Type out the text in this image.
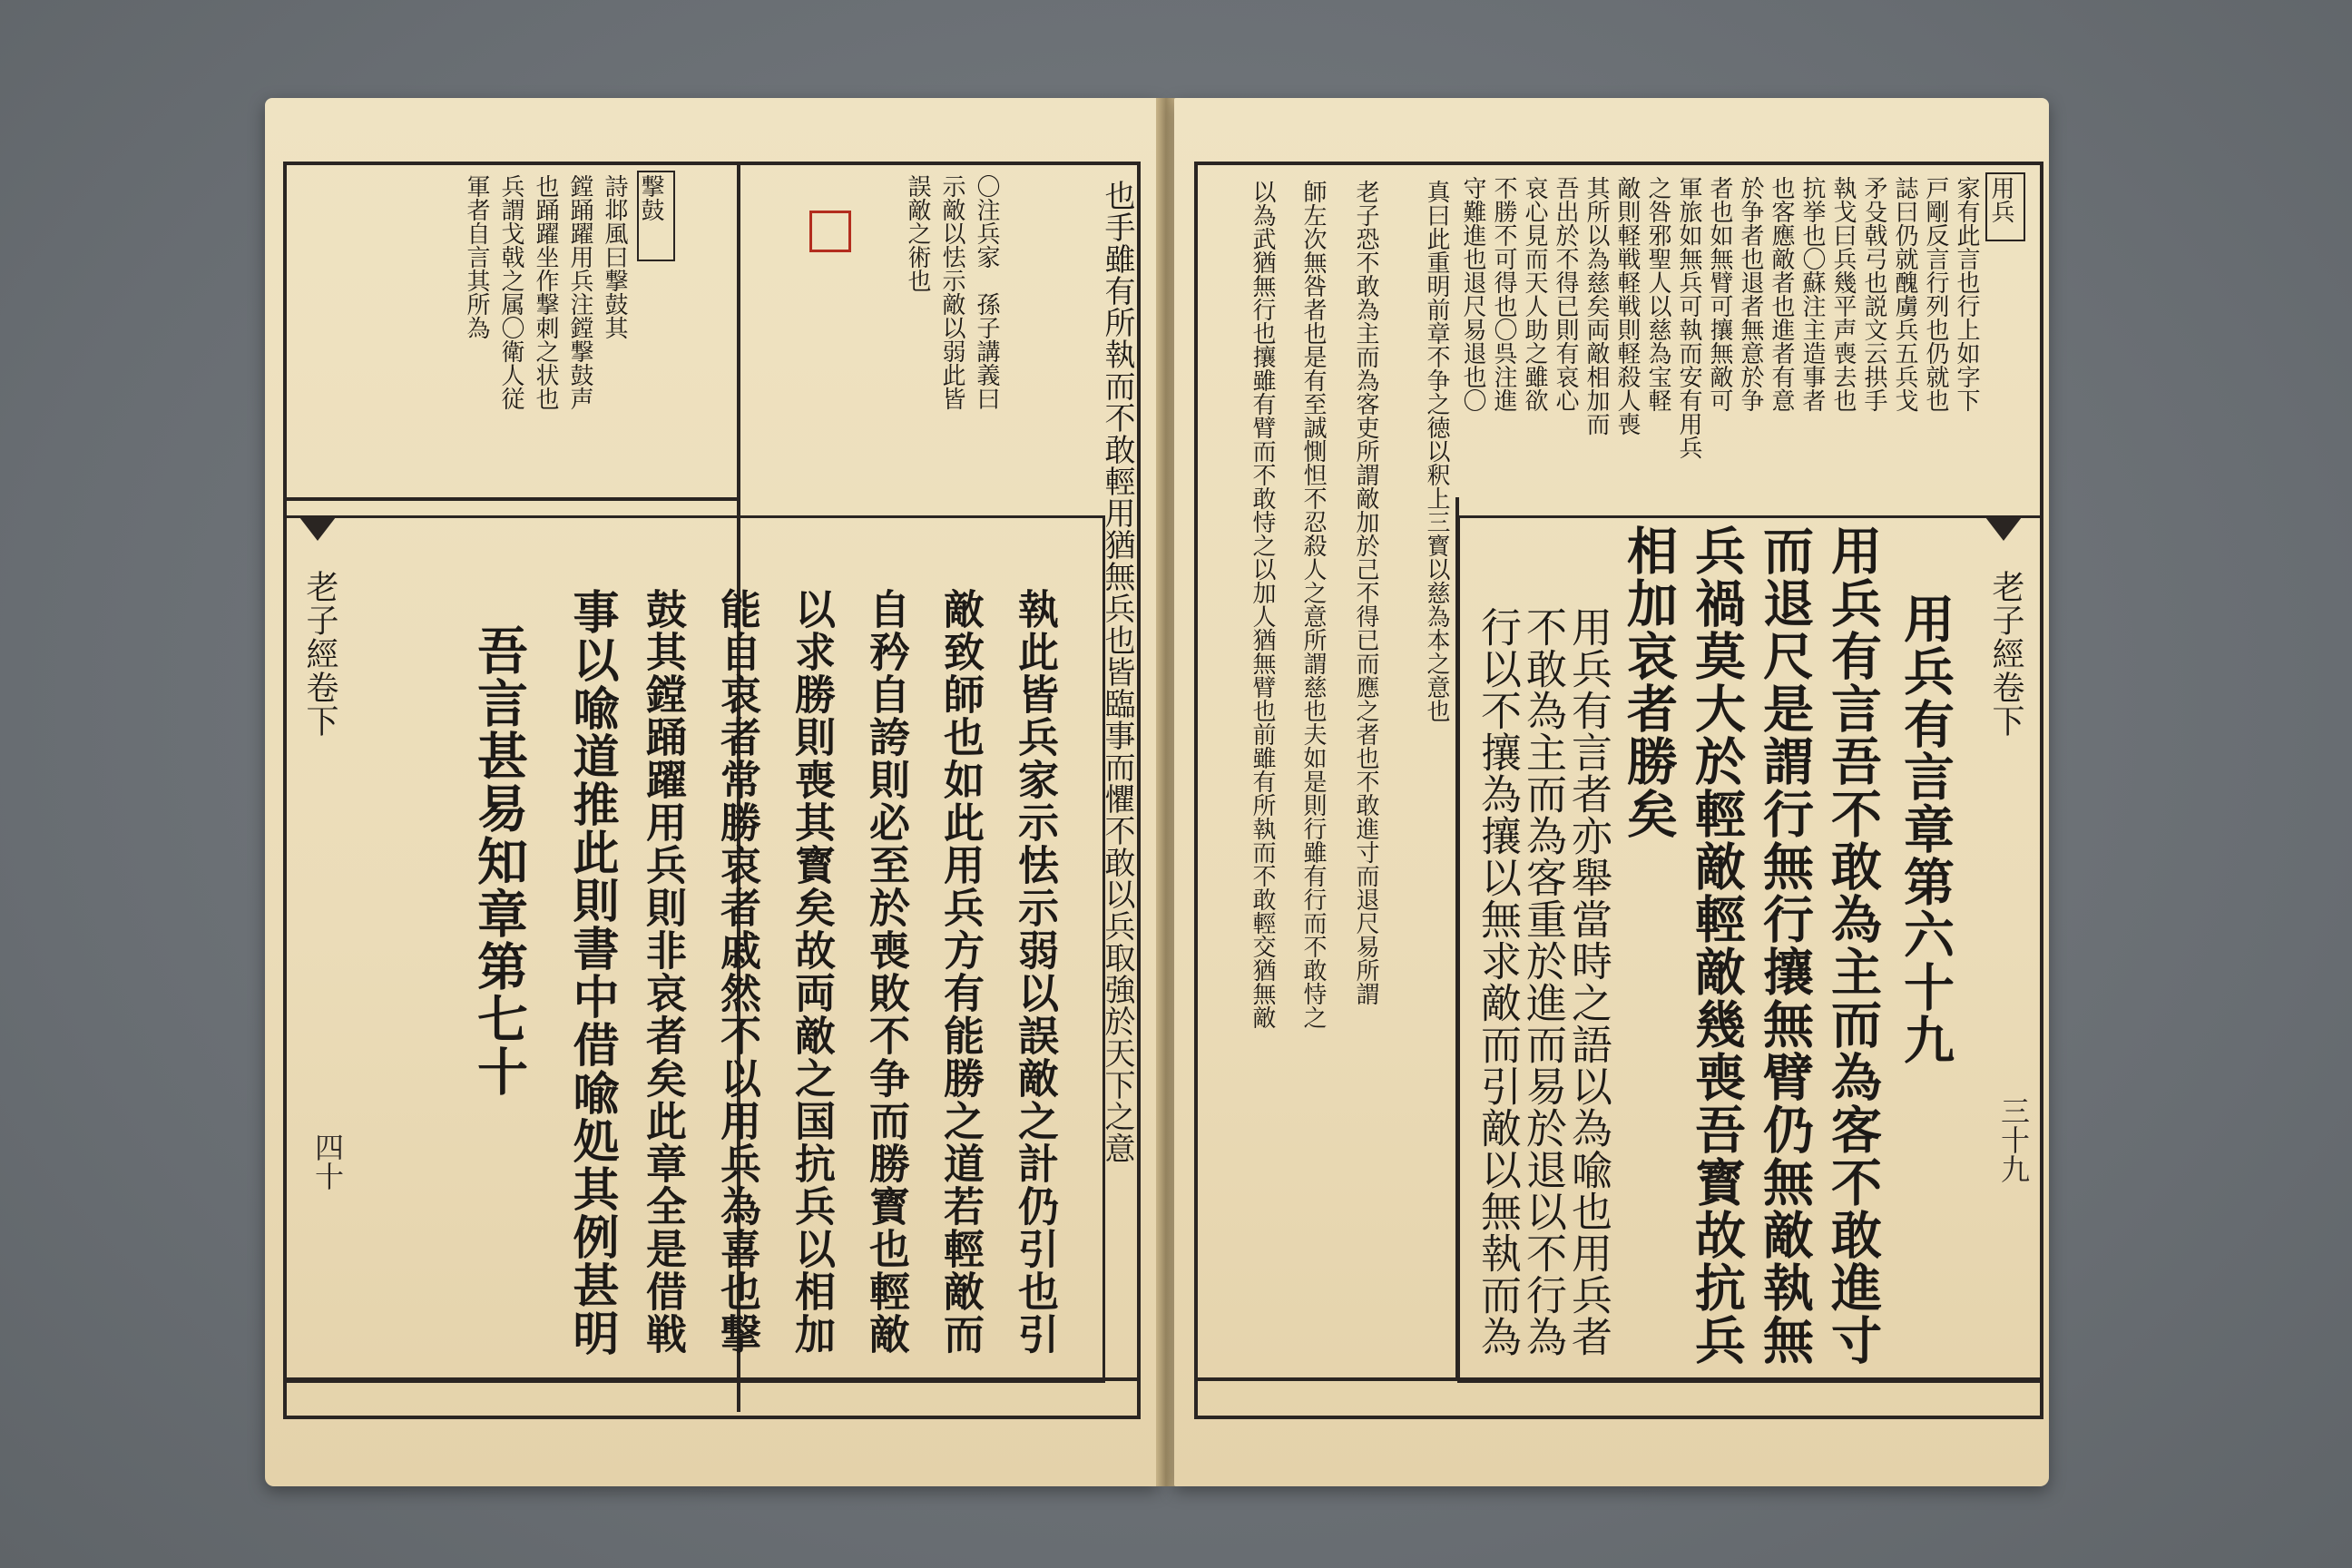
撃鼓
詩邶風曰撃鼓其
鏜踊躍用兵注鏜撃鼓声
也踊躍坐作撃刺之状也
兵謂戈戟之属〇衛人従
軍者自言其所為	〇注兵家　孫子講義曰
示敵以怯示敵以弱此皆
誤敵之術也	也手雖有所執而不敢輕用猶無兵也皆臨事而懼不敢以兵取強於天下之意
老子經卷下
四十	執此皆兵家示怯示弱以誤敵之計仍引也引
敵致師也如此用兵方有能勝之道若輕敵而
自矜自誇則必至於喪敗不争而勝寳也輕敵
以求勝則喪其寳矣故両敵之国抗兵以相加
能自哀者常勝哀者戚然不以用兵為喜也撃
鼓其鏜踊躍用兵則非哀者矣此章全是借戦
事以喩道推此則書中借喩処其例甚明
吾言甚易知章第七十
用兵
家有此言也行上如字下
戸剛反言行列也仍就也
誌曰仍就醜虜兵五兵戈
矛殳戟弓也説文云拱手
執戈曰兵幾平声喪去也
抗挙也〇蘇注主造事者
也客應敵者也進者有意
於争者也退者無意於争
者也如無臂可攘無敵可
軍旅如無兵可執而安有用兵
之咎邪聖人以慈為宝軽
敵則軽戦軽戦則軽殺人喪
其所以為慈矣両敵相加而
吾出於不得已則有哀心
哀心見而天人助之雖欲
不勝不可得也〇呉注進
守難進也退尺易退也〇
真曰此重明前章不争之徳以釈上三寳以慈為本之意也
老子恐不敢為主而為客吏所謂敵加於己不得已而應之者也不敢進寸而退尺易所謂
師左次無咎者也是有至誠惻怛不忍殺人之意所謂慈也夫如是則行雖有行而不敢恃之
以為武猶無行也攘雖有臂而不敢恃之以加人猶無臂也前雖有所執而不敢輕交猶無敵	老子經卷下
三十九
用兵有言章第六十九
用兵有言吾不敢為主而為客不敢進寸
而退尺是謂行無行攘無臂仍無敵執無
兵禍莫大於輕敵輕敵幾喪吾寳故抗兵
相加哀者勝矣
用兵有言者亦舉當時之語以為喩也用兵者
不敢為主而為客重於進而易於退以不行為
行以不攘為攘以無求敵而引敵以無執而為
